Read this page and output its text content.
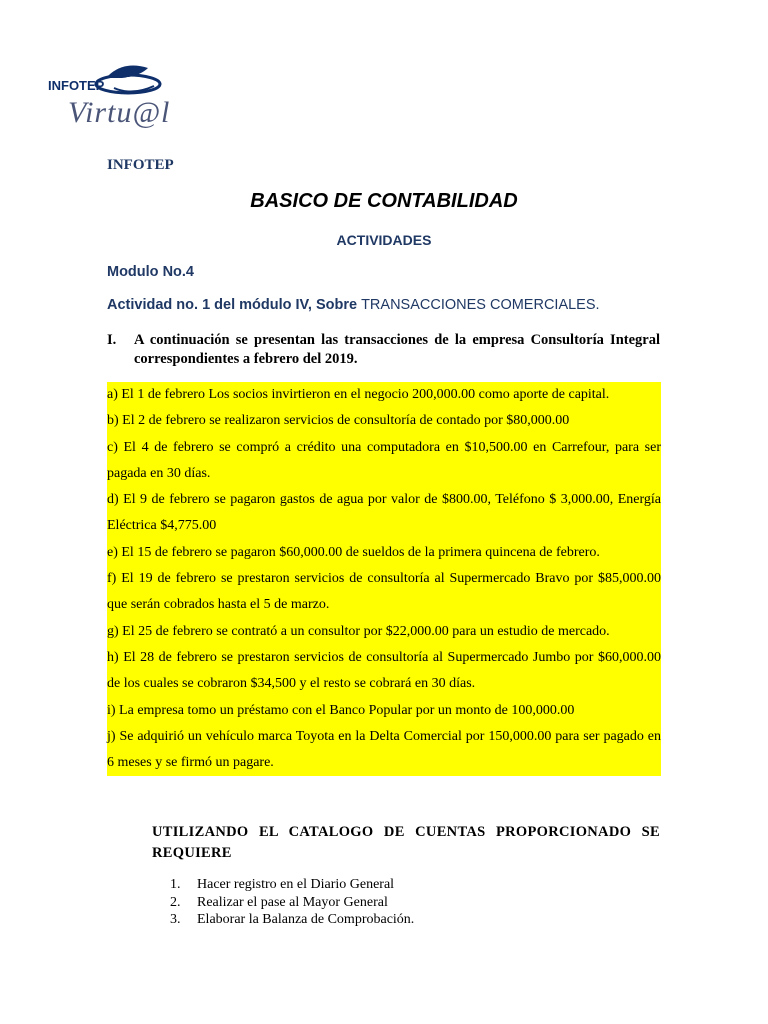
INFOTEP
Virtu@l
INFOTEP
BASICO DE CONTABILIDAD
ACTIVIDADES
Modulo No.4
Actividad no. 1 del módulo IV, Sobre TRANSACCIONES COMERCIALES.
I. A continuación se presentan las transacciones de la empresa Consultoría Integral correspondientes a febrero del 2019.
a) El 1 de febrero Los socios invirtieron en el negocio 200,000.00 como aporte de capital.
b) El 2 de febrero se realizaron servicios de consultoría de contado por $80,000.00
c) El 4 de febrero se compró a crédito una computadora en $10,500.00 en Carrefour, para ser pagada en 30 días.
d) El 9 de febrero se pagaron gastos de agua por valor de $800.00, Teléfono $ 3,000.00, Energía Eléctrica $4,775.00
e) El 15 de febrero se pagaron $60,000.00 de sueldos de la primera quincena de febrero.
f) El 19 de febrero se prestaron servicios de consultoría al Supermercado Bravo por $85,000.00 que serán cobrados hasta el 5 de marzo.
g) El 25 de febrero se contrató a un consultor por $22,000.00 para un estudio de mercado.
h) El 28 de febrero se prestaron servicios de consultoría al Supermercado Jumbo por $60,000.00 de los cuales se cobraron $34,500 y el resto se cobrará en 30 días.
i) La empresa tomo un préstamo con el Banco Popular por un monto de 100,000.00
j) Se adquirió un vehículo marca Toyota en la Delta Comercial por 150,000.00 para ser pagado en 6 meses y se firmó un pagare.
UTILIZANDO EL CATALOGO DE CUENTAS PROPORCIONADO SE REQUIERE
1. Hacer registro en el Diario General
2. Realizar el pase al Mayor General
3. Elaborar la Balanza de Comprobación.
